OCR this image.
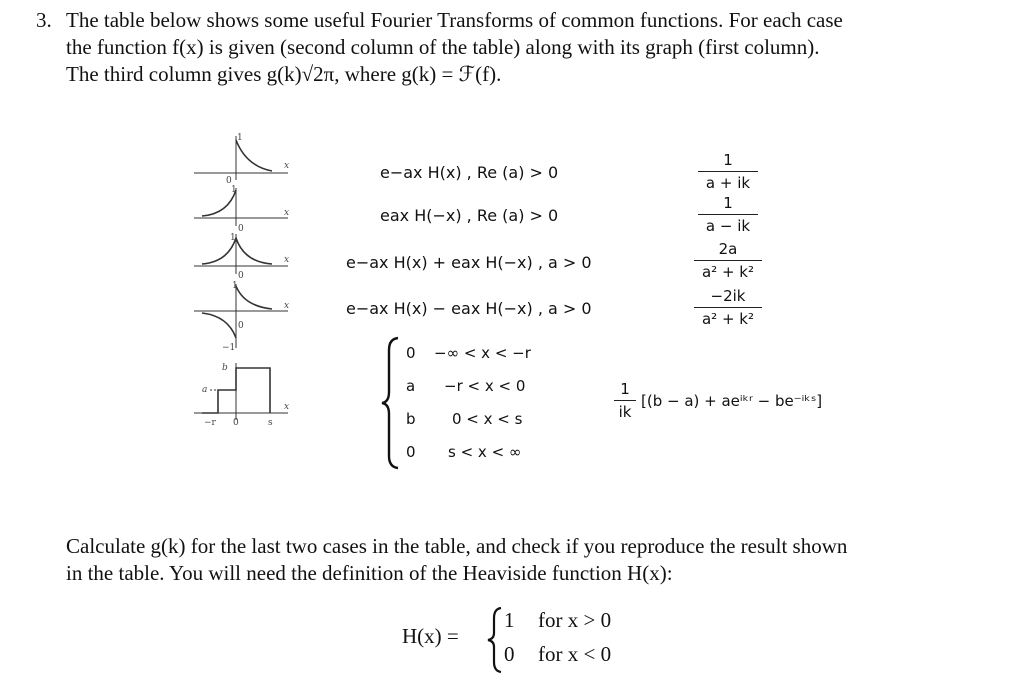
3. The table below shows some useful Fourier Transforms of common functions. For each case
the function f(x) is given (second column of the table) along with its graph (first column).
The third column gives g(k)√2π, where g(k) = ℱ(f).
1
0
x
1
0
x
1
0
x
1
0
x
−1
b
a
x
−r 0	s
e−ax H(x) , Re (a) > 0
eax H(−x) , Re (a) > 0
e−ax H(x) + eax H(−x) , a > 0
e−ax H(x) − eax H(−x) , a > 0
1
a + ik
1
a − ik
2a
a² + k²
−2ik
a² + k²
0 −∞ < x < −r
a −r < x < 0
b 0 < x < s
0 s < x < ∞
1
ik
[(b − a) + aeⁱᵏʳ − be⁻ⁱᵏˢ]
Calculate g(k) for the last two cases in the table, and check if you reproduce the result shown
in the table. You will need the definition of the Heaviside function H(x):
H(x) =
1 for x > 0
0 for x < 0
